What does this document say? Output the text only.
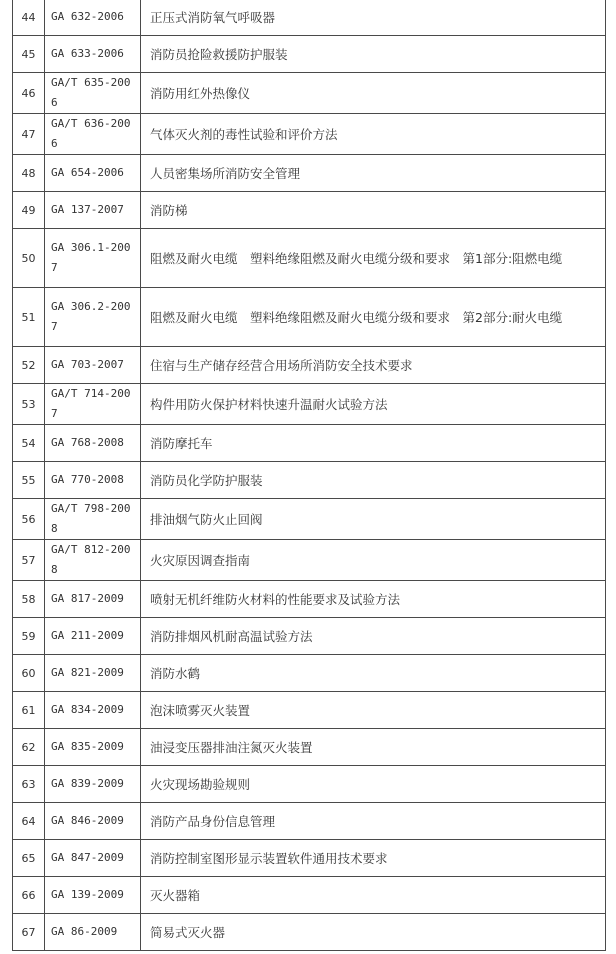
44	GA 632-2006	正压式消防氧气呼吸器
45	GA 633-2006	消防员抢险救援防护服装
46	GA/T 635-2006	消防用红外热像仪
47	GA/T 636-2006	气体灭火剂的毒性试验和评价方法
48	GA 654-2006	人员密集场所消防安全管理
49	GA 137-2007	消防梯
50	GA 306.1-2007	阻燃及耐火电缆　塑料绝缘阻燃及耐火电缆分级和要求　第1部分:阻燃电缆
51	GA 306.2-2007	阻燃及耐火电缆　塑料绝缘阻燃及耐火电缆分级和要求　第2部分:耐火电缆
52	GA 703-2007	住宿与生产储存经营合用场所消防安全技术要求
53	GA/T 714-2007	构件用防火保护材料快速升温耐火试验方法
54	GA 768-2008	消防摩托车
55	GA 770-2008	消防员化学防护服装
56	GA/T 798-2008	排油烟气防火止回阀
57	GA/T 812-2008	火灾原因调查指南
58	GA 817-2009	喷射无机纤维防火材料的性能要求及试验方法
59	GA 211-2009	消防排烟风机耐高温试验方法
60	GA 821-2009	消防水鹤
61	GA 834-2009	泡沫喷雾灭火装置
62	GA 835-2009	油浸变压器排油注氮灭火装置
63	GA 839-2009	火灾现场勘验规则
64	GA 846-2009	消防产品身份信息管理
65	GA 847-2009	消防控制室图形显示装置软件通用技术要求
66	GA 139-2009	灭火器箱
67	GA 86-2009	简易式灭火器
